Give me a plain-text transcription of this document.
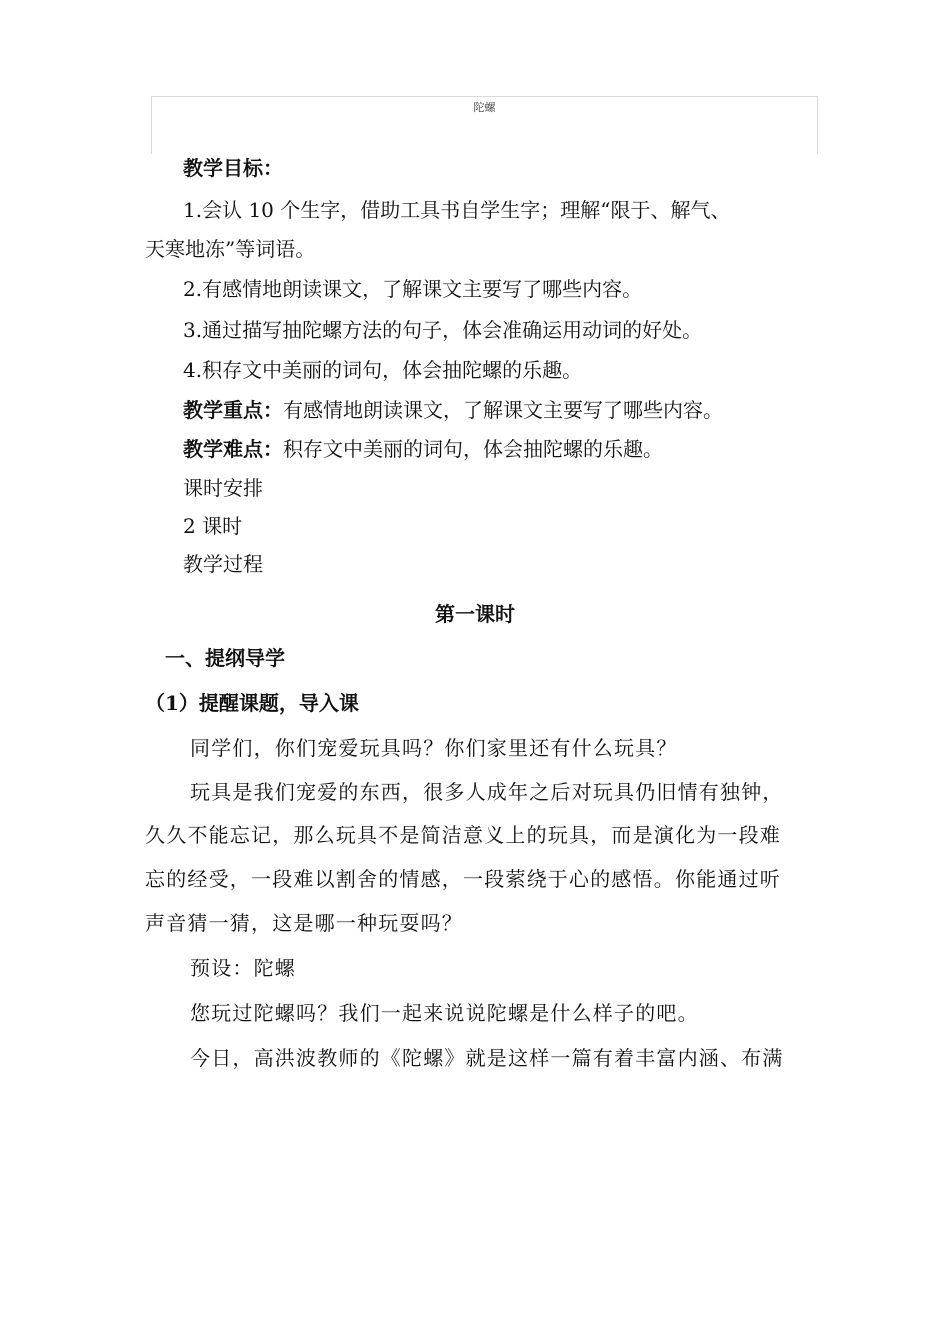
陀螺
教学目标：
1.会认 10 个生字，借助工具书自学生字；理解“限于、解气、
天寒地冻”等词语。
2.有感情地朗读课文，了解课文主要写了哪些内容。
3.通过描写抽陀螺方法的句子，体会准确运用动词的好处。
4.积存文中美丽的词句，体会抽陀螺的乐趣。
教学重点：有感情地朗读课文，了解课文主要写了哪些内容。
教学难点：积存文中美丽的词句，体会抽陀螺的乐趣。
课时安排
2 课时
教学过程
第一课时
一、提纲导学
（1）提醒课题，导入课
同学们，你们宠爱玩具吗？你们家里还有什么玩具？
玩具是我们宠爱的东西，很多人成年之后对玩具仍旧情有独钟，
久久不能忘记，那么玩具不是简洁意义上的玩具，而是演化为一段难
忘的经受，一段难以割舍的情感，一段萦绕于心的感悟。你能通过听
声音猜一猜，这是哪一种玩耍吗？
预设：陀螺
您玩过陀螺吗？我们一起来说说陀螺是什么样子的吧。
今日，高洪波教师的《陀螺》就是这样一篇有着丰富内涵、布满
